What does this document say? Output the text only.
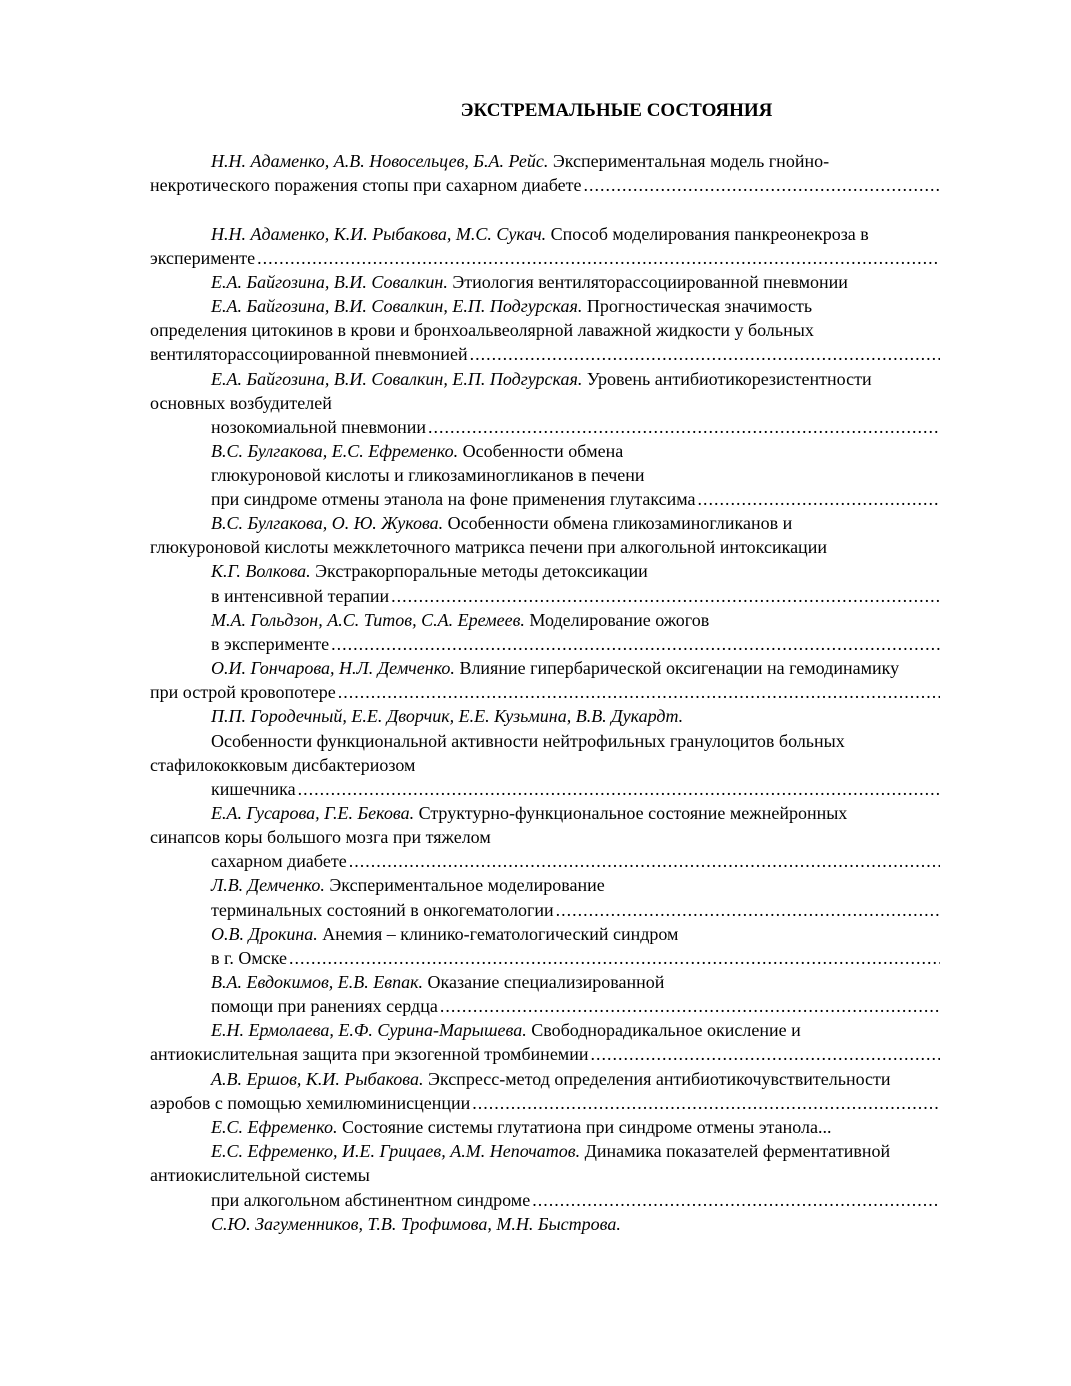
ЭКСТРЕМАЛЬНЫЕ СОСТОЯНИЯ
Н.Н. Адаменко, А.В. Новосельцев, Б.А. Рейс. Экспериментальная модель гнойно-
некротического поражения стопы при сахарном диабете
.....
Н.Н. Адаменко, К.И. Рыбакова, М.С. Сукач. Способ моделирования панкреонекроза в
эксперименте
.....
Е.А. Байгозина, В.И. Совалкин. Этиология вентиляторассоциированной пневмонии
Е.А. Байгозина, В.И. Совалкин, Е.П. Подгурская. Прогностическая значимость
определения цитокинов в крови и бронхоальвеолярной лаважной жидкости у больных
вентиляторассоциированной пневмонией
.....
Е.А. Байгозина, В.И. Совалкин, Е.П. Подгурская. Уровень антибиотикорезистентности
основных возбудителей
нозокомиальной пневмонии
.....
В.С. Булгакова, Е.С. Ефременко. Особенности обмена
глюкуроновой кислоты и гликозаминогликанов в печени
при синдроме отмены этанола на фоне применения глутаксима
.....
В.С. Булгакова, О. Ю. Жукова. Особенности обмена гликозаминогликанов и
глюкуроновой кислоты межклеточного матрикса печени при алкогольной интоксикации
К.Г. Волкова. Экстракорпоральные методы детоксикации
в интенсивной терапии
.....
М.А. Гольдзон, А.С. Титов, С.А. Еремеев. Моделирование ожогов
в эксперименте
.....
О.И. Гончарова, Н.Л. Демченко. Влияние гипербарической оксигенации на гемодинамику
при острой кровопотере
.....
П.П. Городечный, Е.Е. Дворчик, Е.Е. Кузьмина, В.В. Дукардт.
Особенности функциональной активности нейтрофильных гранулоцитов больных
стафилококковым дисбактериозом
кишечника
.....
Е.А. Гусарова, Г.Е. Бекова. Структурно-функциональное состояние межнейронных
синапсов коры большого мозга при тяжелом
сахарном диабете
.....
Л.В. Демченко. Экспериментальное моделирование
терминальных состояний в онкогематологии
.....
О.В. Дрокина. Анемия – клинико-гематологический синдром
в г. Омске
.....
В.А. Евдокимов, Е.В. Евпак. Оказание специализированной
помощи при ранениях сердца
.....
Е.Н. Ермолаева, Е.Ф. Сурина-Марышева. Свободнорадикальное окисление и
антиокислительная защита при экзогенной тромбинемии
.....
А.В. Ершов, К.И. Рыбакова. Экспресс-метод определения антибиотикочувствительности
аэробов с помощью хемилюминисценции
.....
Е.С. Ефременко. Состояние системы глутатиона при синдроме отмены этанола...
Е.С. Ефременко, И.Е. Грицаев, А.М. Непочатов. Динамика показателей ферментативной
антиокислительной системы
при алкогольном абстинентном синдроме
.....
С.Ю. Загуменников, Т.В. Трофимова, М.Н. Быстрова.
